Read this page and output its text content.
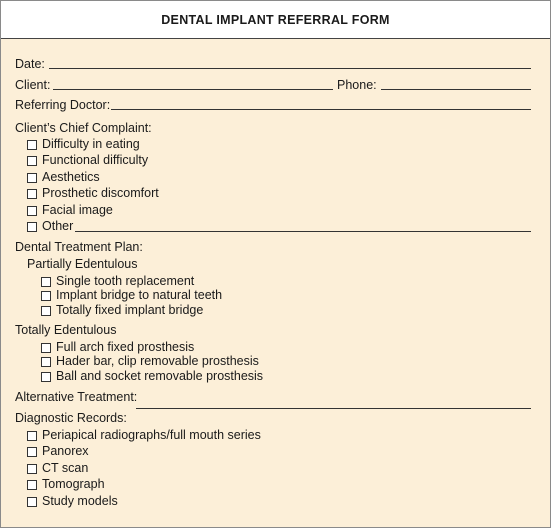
DENTAL IMPLANT REFERRAL FORM
Date:
Client:	Phone:
Referring Doctor:
Client’s Chief Complaint:
Difficulty in eating
Functional difficulty
Aesthetics
Prosthetic discomfort
Facial image
Other
Dental Treatment Plan:
Partially Edentulous
Single tooth replacement
Implant bridge to natural teeth
Totally fixed implant bridge
Totally Edentulous
Full arch fixed prosthesis
Hader bar, clip removable prosthesis
Ball and socket removable prosthesis
Alternative Treatment:
Diagnostic Records:
Periapical radiographs/full mouth series
Panorex
CT scan
Tomograph
Study models
